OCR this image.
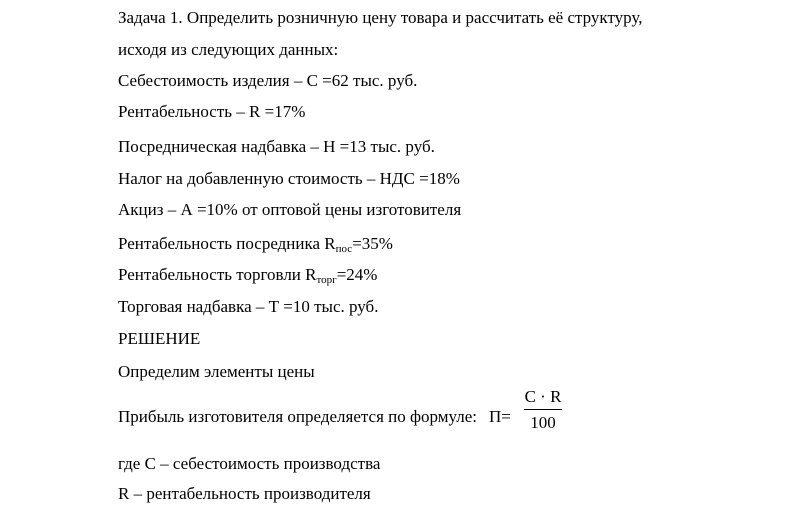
Задача 1. Определить розничную цену товара и рассчитать её структуру,

исходя из следующих данных:

Себестоимость изделия – С =62 тыс. руб.

Рентабельность – R =17%

Посредническая надбавка – Н =13 тыс. руб.

Налог на добавленную стоимость – НДС =18%

Акциз – А =10% от оптовой цены изготовителя

Рентабельность посредника $R_{пос}=35\%$

Рентабельность торговли $R_{торг}=24\%$

Торговая надбавка – Т =10 тыс. руб.

РЕШЕНИЕ

Определим элементы цены

Прибыль изготовителя определяется по формуле: П=
С · R
100

где С – себестоимость производства

R – рентабельность производителя
